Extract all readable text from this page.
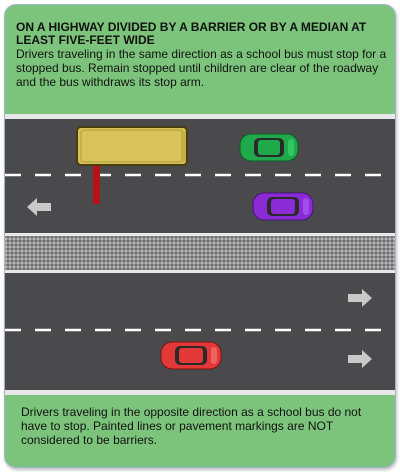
ON A HIGHWAY DIVIDED BY A BARRIER OR BY A MEDIAN AT LEAST FIVE-FEET WIDE

Drivers traveling in the same direction as a school bus must stop for a stopped bus. Remain stopped until children are clear of the roadway and the bus withdraws its stop arm.

Drivers traveling in the opposite direction as a school bus do not have to stop. Painted lines or pavement markings are NOT considered to be barriers.
